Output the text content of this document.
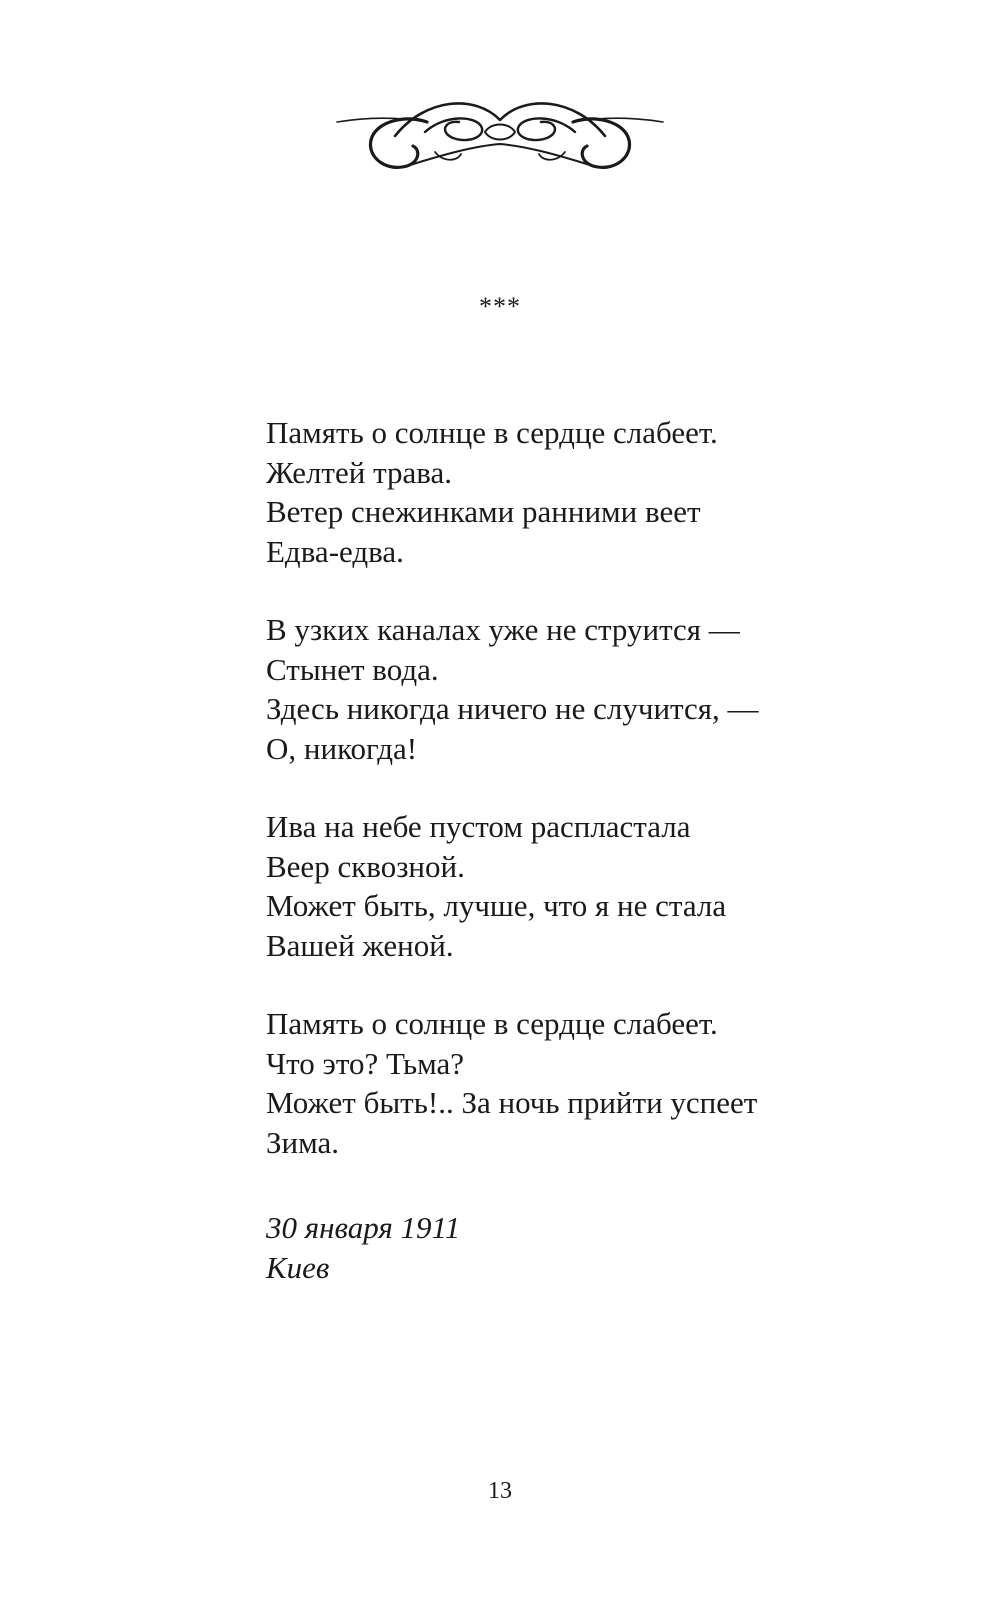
***
Память о солнце в сердце слабеет.
Желтей трава.
Ветер снежинками ранними веет
Едва-едва.
В узких каналах уже не струится —
Стынет вода.
Здесь никогда ничего не случится, —
О, никогда!
Ива на небе пустом распластала
Веер сквозной.
Может быть, лучше, что я не стала
Вашей женой.
Память о солнце в сердце слабеет.
Что это? Тьма?
Может быть!.. За ночь прийти успеет
Зима.
30 января 1911
Киев
13
